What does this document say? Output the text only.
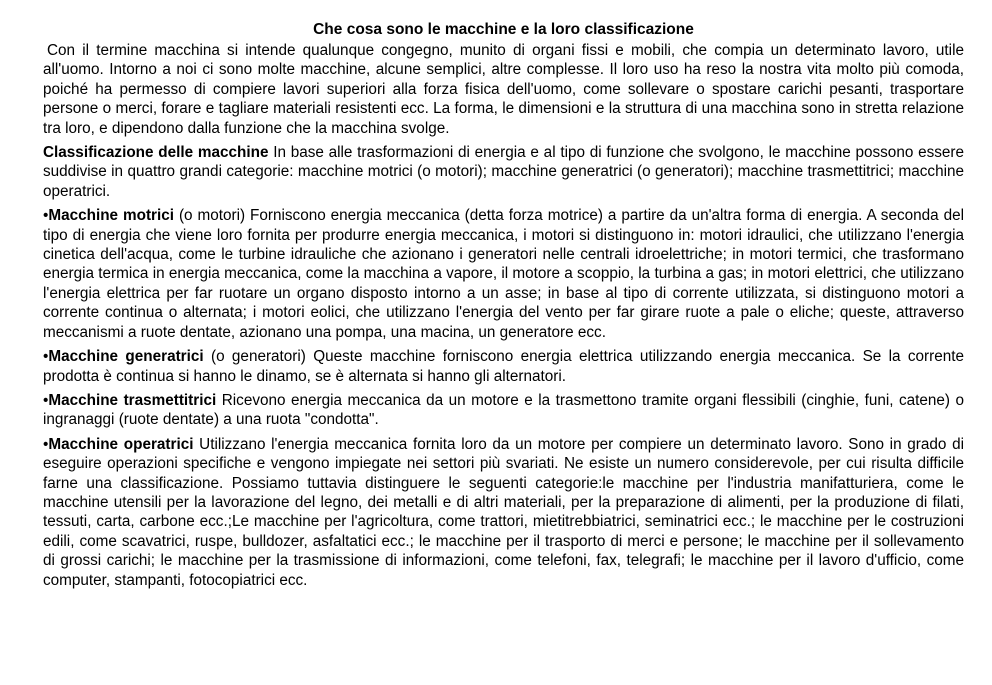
Che cosa sono le macchine e la loro classificazione

Con il termine macchina si intende qualunque congegno, munito di organi fissi e mobili, che compia un determinato lavoro, utile all'uomo. Intorno a noi ci sono molte macchine, alcune semplici, altre complesse. Il loro uso ha reso la nostra vita molto più comoda, poiché ha permesso di compiere lavori superiori alla forza fisica dell'uomo, come sollevare o spostare carichi pesanti, trasportare persone o merci, forare e tagliare materiali resistenti ecc. La forma, le dimensioni e la struttura di una macchina sono in stretta relazione tra loro, e dipendono dalla funzione che la macchina svolge.

Classificazione delle macchine In base alle trasformazioni di energia e al tipo di funzione che svolgono, le macchine possono essere suddivise in quattro grandi categorie: macchine motrici (o motori); macchine generatrici (o generatori); macchine trasmettitrici; macchine operatrici.

•Macchine motrici (o motori) Forniscono energia meccanica (detta forza motrice) a partire da un'altra forma di energia. A seconda del tipo di energia che viene loro fornita per produrre energia meccanica, i motori si distinguono in: motori idraulici, che utilizzano l'energia cinetica dell'acqua, come le turbine idrauliche che azionano i generatori nelle centrali idroelettriche; in motori termici, che trasformano energia termica in energia meccanica, come la macchina a vapore, il motore a scoppio, la turbina a gas; in motori elettrici, che utilizzano l'energia elettrica per far ruotare un organo disposto intorno a un asse; in base al tipo di corrente utilizzata, si distinguono motori a corrente continua o alternata; i motori eolici, che utilizzano l'energia del vento per far girare ruote a pale o eliche; queste, attraverso meccanismi a ruote dentate, azionano una pompa, una macina, un generatore ecc.

•Macchine generatrici (o generatori) Queste macchine forniscono energia elettrica utilizzando energia meccanica. Se la corrente prodotta è continua si hanno le dinamo, se è alternata si hanno gli alternatori.

•Macchine trasmettitrici Ricevono energia meccanica da un motore e la trasmettono tramite organi flessibili (cinghie, funi, catene) o ingranaggi (ruote dentate) a una ruota "condotta".

•Macchine operatrici Utilizzano l'energia meccanica fornita loro da un motore per compiere un determinato lavoro. Sono in grado di eseguire operazioni specifiche e vengono impiegate nei settori più svariati. Ne esiste un numero considerevole, per cui risulta difficile farne una classificazione. Possiamo tuttavia distinguere le seguenti categorie:le macchine per l'industria manifatturiera, come le macchine utensili per la lavorazione del legno, dei metalli e di altri materiali, per la preparazione di alimenti, per la produzione di filati, tessuti, carta, carbone ecc.;Le macchine per l'agricoltura, come trattori, mietitrebbiatrici, seminatrici ecc.; le macchine per le costruzioni edili, come scavatrici, ruspe, bulldozer, asfaltatici ecc.; le macchine per il trasporto di merci e persone; le macchine per il sollevamento di grossi carichi; le macchine per la trasmissione di informazioni, come telefoni, fax, telegrafi; le macchine per il lavoro d'ufficio, come computer, stampanti, fotocopiatrici ecc.
